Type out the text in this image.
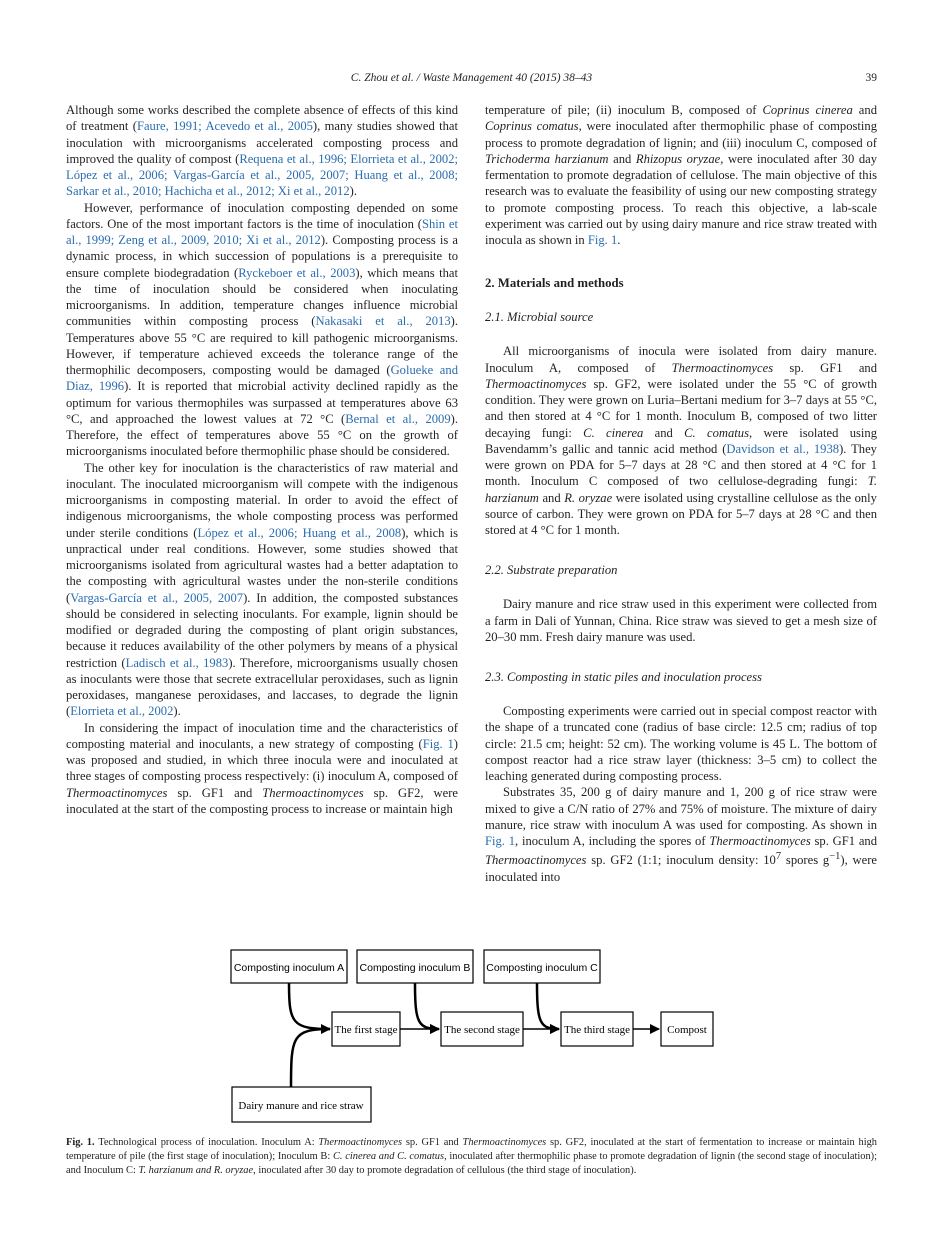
C. Zhou et al. / Waste Management 40 (2015) 38–43	39

Although some works described the complete absence of effects of this kind of treatment (Faure, 1991; Acevedo et al., 2005), many studies showed that inoculation with microorganisms accelerated composting process and improved the quality of compost (Requena et al., 1996; Elorrieta et al., 2002; López et al., 2006; Vargas-García et al., 2005, 2007; Huang et al., 2008; Sarkar et al., 2010; Hachicha et al., 2012; Xi et al., 2012).

However, performance of inoculation composting depended on some factors. One of the most important factors is the time of inoculation (Shin et al., 1999; Zeng et al., 2009, 2010; Xi et al., 2012). Composting process is a dynamic process, in which succession of populations is a prerequisite to ensure complete biodegradation (Ryckeboer et al., 2003), which means that the time of inoculation should be considered when inoculating microorganisms. In addition, temperature changes influence microbial communities within composting process (Nakasaki et al., 2013). Temperatures above 55 °C are required to kill pathogenic microorganisms. However, if temperature achieved exceeds the tolerance range of the thermophilic decomposers, composting would be damaged (Golueke and Diaz, 1996). It is reported that microbial activity declined rapidly as the optimum for various thermophiles was surpassed at temperatures above 63 °C, and approached the lowest values at 72 °C (Bernal et al., 2009). Therefore, the effect of temperatures above 55 °C on the growth of microorganisms inoculated before thermophilic phase should be considered.

The other key for inoculation is the characteristics of raw material and inoculant. The inoculated microorganism will compete with the indigenous microorganisms in composting material. In order to avoid the effect of indigenous microorganisms, the whole composting process was performed under sterile conditions (López et al., 2006; Huang et al., 2008), which is unpractical under real conditions. However, some studies showed that microorganisms isolated from agricultural wastes had a better adaptation to the composting with agricultural wastes under the non-sterile conditions (Vargas-García et al., 2005, 2007). In addition, the composted substances should be considered in selecting inoculants. For example, lignin should be modified or degraded during the composting of plant origin substances, because it reduces availability of the other polymers by means of a physical restriction (Ladisch et al., 1983). Therefore, microorganisms usually chosen as inoculants were those that secrete extracellular peroxidases, such as lignin peroxidases, manganese peroxidases, and laccases, to degrade the lignin (Elorrieta et al., 2002).

In considering the impact of inoculation time and the characteristics of composting material and inoculants, a new strategy of composting (Fig. 1) was proposed and studied, in which three inocula were and inoculated at three stages of composting process respectively: (i) inoculum A, composed of Thermoactinomyces sp. GF1 and Thermoactinomyces sp. GF2, were inoculated at the start of the composting process to increase or maintain high

temperature of pile; (ii) inoculum B, composed of Coprinus cinerea and Coprinus comatus, were inoculated after thermophilic phase of composting process to promote degradation of lignin; and (iii) inoculum C, composed of Trichoderma harzianum and Rhizopus oryzae, were inoculated after 30 day fermentation to promote degradation of cellulose. The main objective of this research was to evaluate the feasibility of using our new composting strategy to promote composting process. To reach this objective, a lab-scale experiment was carried out by using dairy manure and rice straw treated with inocula as shown in Fig. 1.

2. Materials and methods
2.1. Microbial source

All microorganisms of inocula were isolated from dairy manure. Inoculum A, composed of Thermoactinomyces sp. GF1 and Thermoactinomyces sp. GF2, were isolated under the 55 °C of growth condition. They were grown on Luria–Bertani medium for 3–7 days at 55 °C, and then stored at 4 °C for 1 month. Inoculum B, composed of two litter decaying fungi: C. cinerea and C. comatus, were isolated using Bavendamm’s gallic and tannic acid method (Davidson et al., 1938). They were grown on PDA for 5–7 days at 28 °C and then stored at 4 °C for 1 month. Inoculum C composed of two cellulose-degrading fungi: T. harzianum and R. oryzae were isolated using crystalline cellulose as the only source of carbon. They were grown on PDA for 5–7 days at 28 °C and then stored at 4 °C for 1 month.

2.2. Substrate preparation

Dairy manure and rice straw used in this experiment were collected from a farm in Dali of Yunnan, China. Rice straw was sieved to get a mesh size of 20–30 mm. Fresh dairy manure was used.

2.3. Composting in static piles and inoculation process

Composting experiments were carried out in special compost reactor with the shape of a truncated cone (radius of base circle: 12.5 cm; radius of top circle: 21.5 cm; height: 52 cm). The working volume is 45 L. The bottom of compost reactor had a rice straw layer (thickness: 3–5 cm) to collect the leaching generated during composting process.

Substrates 35, 200 g of dairy manure and 1, 200 g of rice straw were mixed to give a C/N ratio of 27% and 75% of moisture. The mixture of dairy manure, rice straw with inoculum A was used for composting. As shown in Fig. 1, inoculum A, including the spores of Thermoactinomyces sp. GF1 and Thermoactinomyces sp. GF2 (1:1; inoculum density: $10^7$ spores $g^{-1}$), were inoculated into

Composting inoculum A Composting inoculum B Composting inoculum C
The first stage	The second stage	The third stage	Compost
Dairy manure and rice straw
Fig. 1. Technological process of inoculation. Inoculum A: Thermoactinomyces sp. GF1 and Thermoactinomyces sp. GF2, inoculated at the start of fermentation to increase or maintain high temperature of pile (the first stage of inoculation); Inoculum B: C. cinerea and C. comatus, inoculated after thermophilic phase to promote degradation of lignin (the second stage of inoculation); and Inoculum C: T. harzianum and R. oryzae, inoculated after 30 day to promote degradation of cellulous (the third stage of inoculation).
